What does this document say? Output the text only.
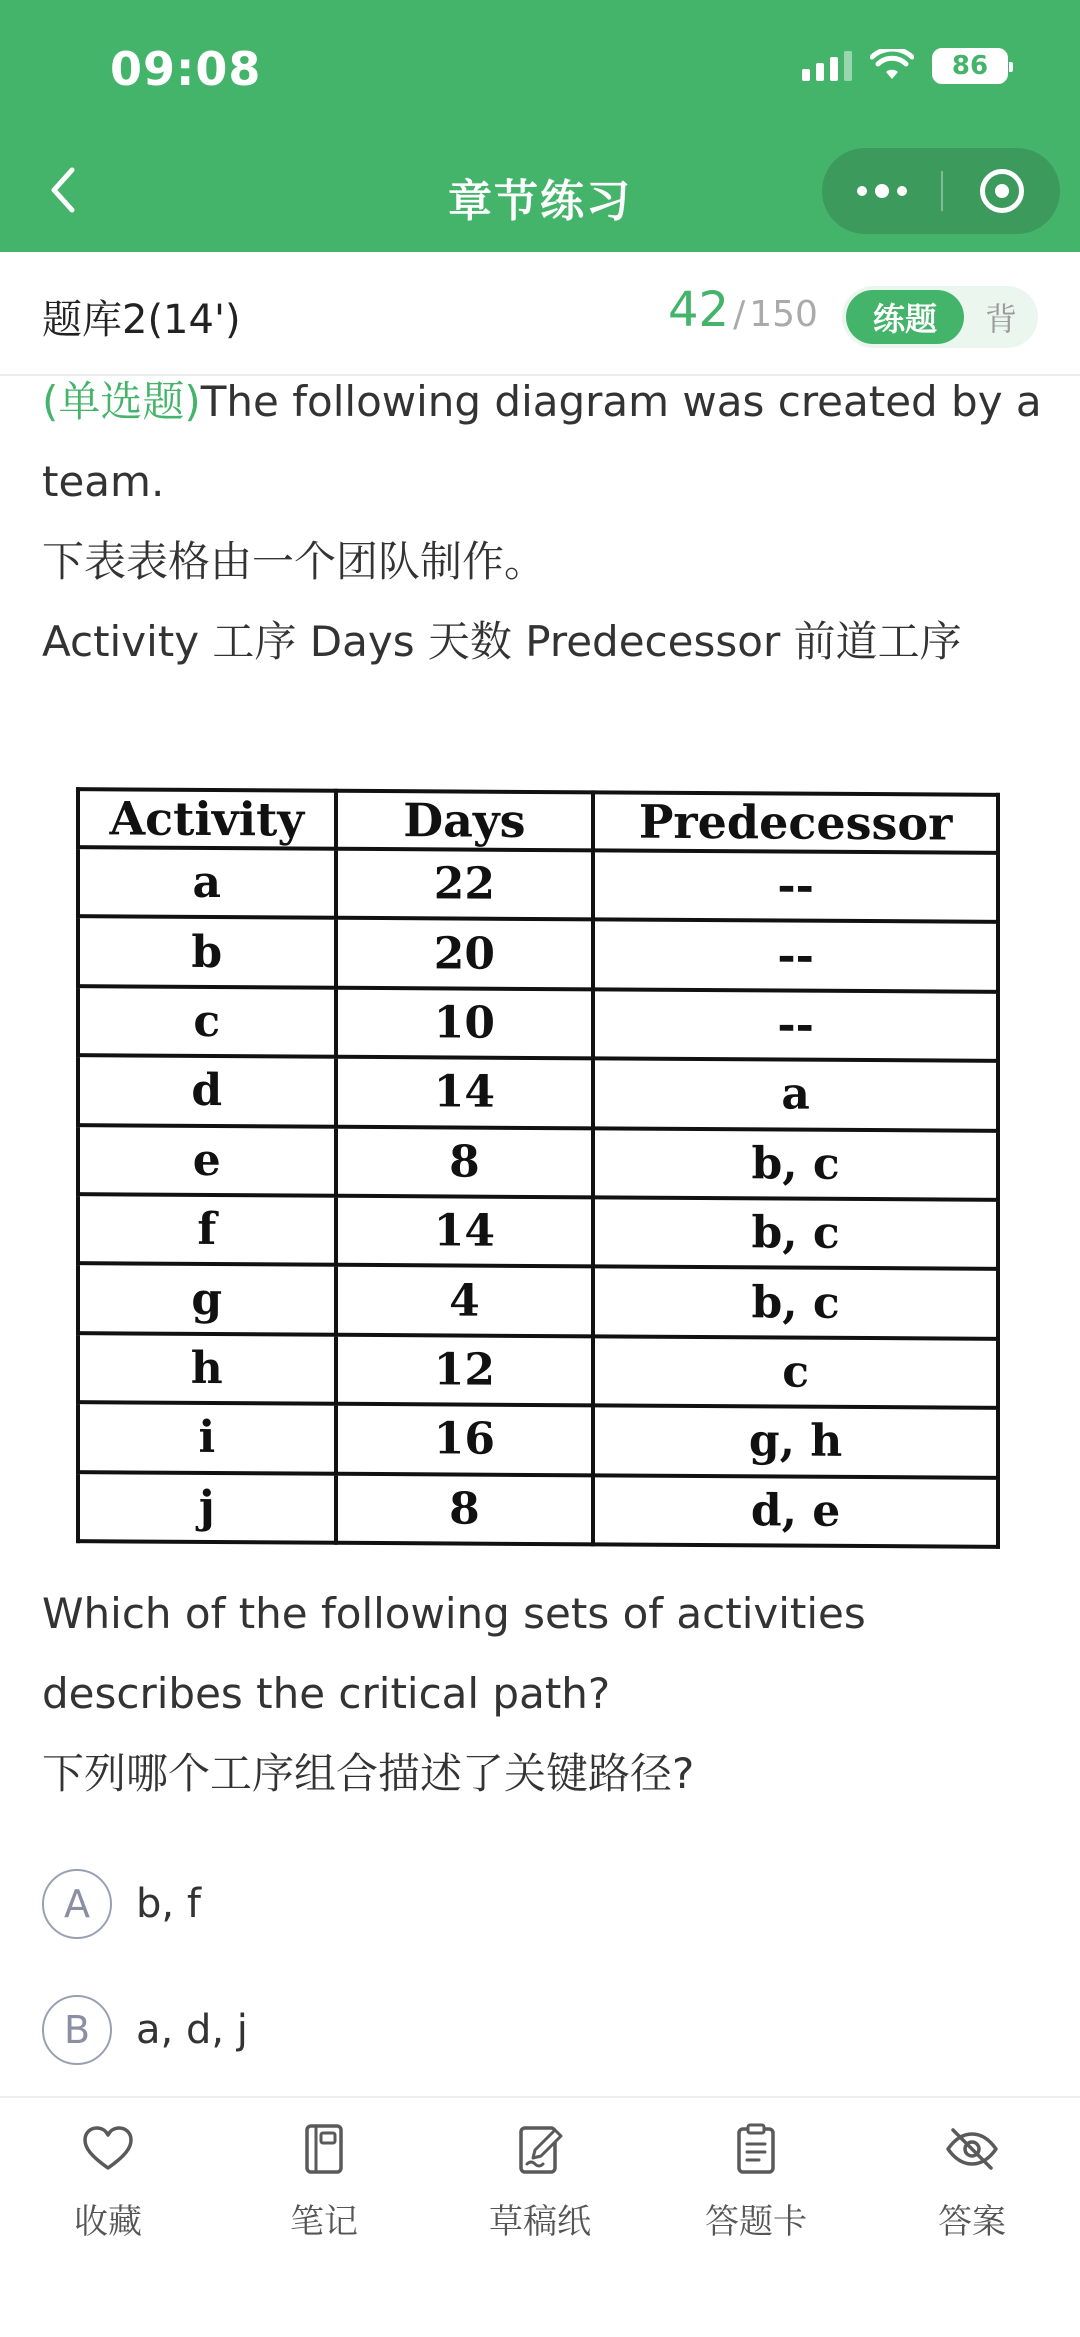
09:08	86
章节练习
题库2(14')	42 / 150	练题	背
(单选题)The following diagram was created by a team.
下表表格由一个团队制作。
Activity 工序 Days 天数 Predecessor 前道工序
Activity	Days	Predecessor
a	22	--
b	20	--
c	10	--
d	14	a
e	8	b, c
f	14	b, c
g	4	b, c
h	12	c
i	16	g, h
j	8	d, e
Which of the following sets of activities describes the critical path?
下列哪个工序组合描述了关键路径?
A	b, f
B	a, d, j
收藏	笔记	草稿纸	答题卡	答案
